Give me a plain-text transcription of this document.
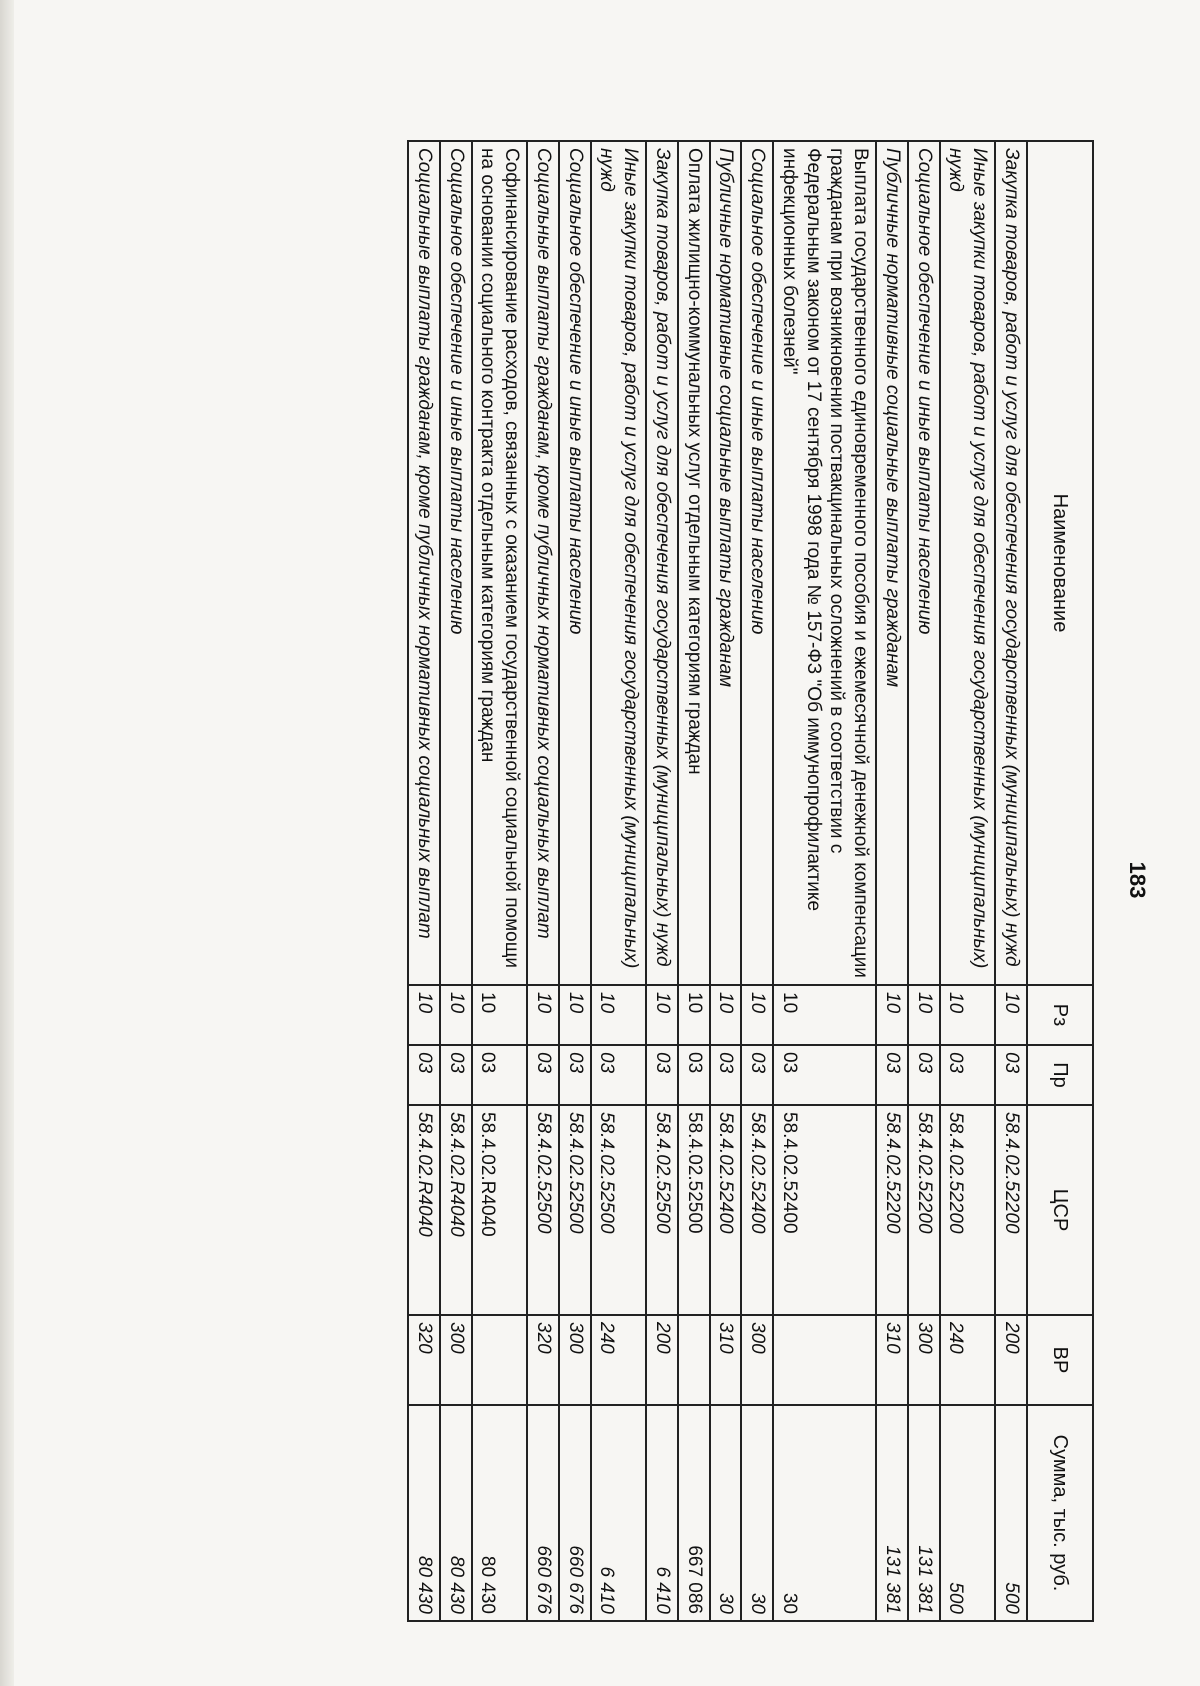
183
Наименование	Рз	Пр	ЦСР	ВР	Сумма, тыс. руб.
Закупка товаров, работ и услуг для обеспечения государственных (муниципальных) нужд	10	03	58.4.02.52200	200	500
Иные закупки товаров, работ и услуг для обеспечения государственных (муниципальных) нужд	10	03	58.4.02.52200	240	500
Социальное обеспечение и иные выплаты населению	10	03	58.4.02.52200	300	131 381
Публичные нормативные социальные выплаты гражданам	10	03	58.4.02.52200	310	131 381
Выплата государственного единовременного пособия и ежемесячной денежной компенсации гражданам при возникновении поствакцинальных осложнений в соответствии с Федеральным законом от 17 сентября 1998 года № 157-ФЗ "Об иммунопрофилактике инфекционных болезней"	10	03	58.4.02.52400		30
Социальное обеспечение и иные выплаты населению	10	03	58.4.02.52400	300	30
Публичные нормативные социальные выплаты гражданам	10	03	58.4.02.52400	310	30
Оплата жилищно-коммунальных услуг отдельным категориям граждан	10	03	58.4.02.52500		667 086
Закупка товаров, работ и услуг для обеспечения государственных (муниципальных) нужд	10	03	58.4.02.52500	200	6 410
Иные закупки товаров, работ и услуг для обеспечения государственных (муниципальных) нужд	10	03	58.4.02.52500	240	6 410
Социальное обеспечение и иные выплаты населению	10	03	58.4.02.52500	300	660 676
Социальные выплаты гражданам, кроме публичных нормативных социальных выплат	10	03	58.4.02.52500	320	660 676
Софинансирование расходов, связанных с оказанием государственной социальной помощи на основании социального контракта отдельным категориям граждан	10	03	58.4.02.R4040		80 430
Социальное обеспечение и иные выплаты населению	10	03	58.4.02.R4040	300	80 430
Социальные выплаты гражданам, кроме публичных нормативных социальных выплат	10	03	58.4.02.R4040	320	80 430
